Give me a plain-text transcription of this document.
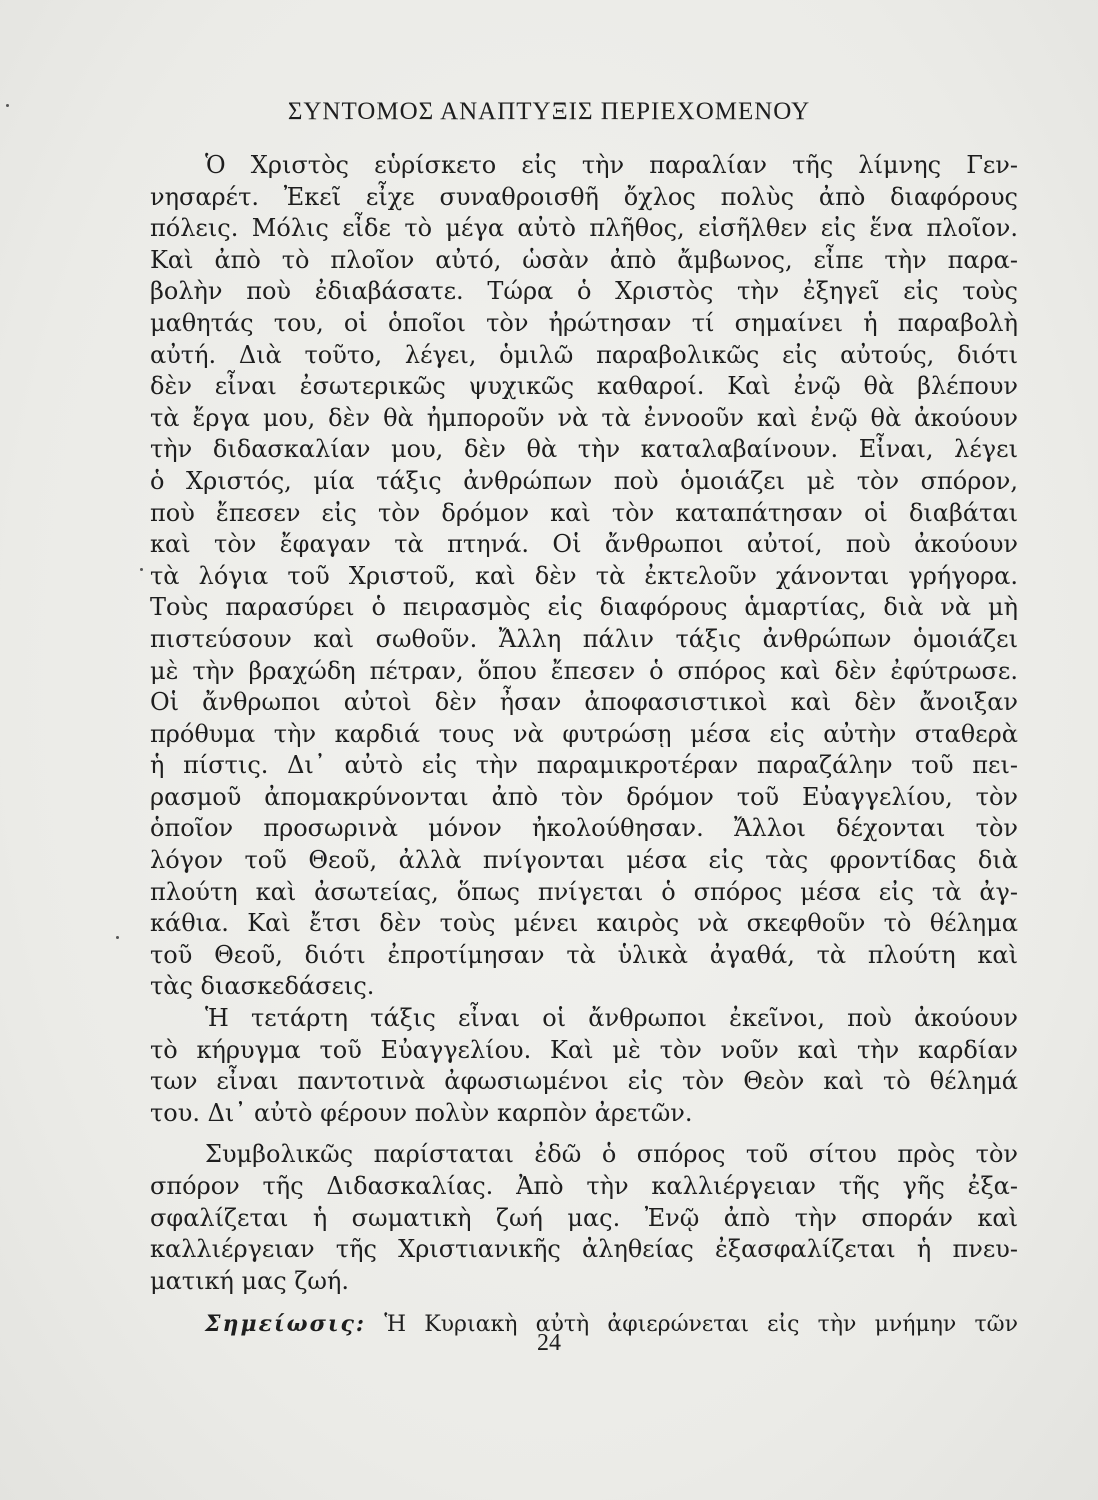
ΣΥΝΤΟΜΟΣ ΑΝΑΠΤΥΞΙΣ ΠΕΡΙΕΧΟΜΕΝΟΥ
Ὁ Χριστὸς εὑρίσκετο εἰς τὴν παραλίαν τῆς λίμνης Γεν-
νησαρέτ. Ἐκεῖ εἶχε συναθροισθῆ ὄχλος πολὺς ἀπὸ διαφόρους
πόλεις. Μόλις εἶδε τὸ μέγα αὐτὸ πλῆθος, εἰσῆλθεν εἰς ἕνα πλοῖον.
Καὶ ἀπὸ τὸ πλοῖον αὐτό, ὡσὰν ἀπὸ ἄμβωνος, εἶπε τὴν παρα-
βολὴν ποὺ ἐδιαβάσατε. Τώρα ὁ Χριστὸς τὴν ἐξηγεῖ εἰς τοὺς
μαθητάς του, οἱ ὁποῖοι τὸν ἠρώτησαν τί σημαίνει ἡ παραβολὴ
αὐτή. Διὰ τοῦτο, λέγει, ὁμιλῶ παραβολικῶς εἰς αὐτούς, διότι
δὲν εἶναι ἐσωτερικῶς ψυχικῶς καθαροί. Καὶ ἐνῷ θὰ βλέπουν
τὰ ἔργα μου, δὲν θὰ ἠμποροῦν νὰ τὰ ἐννοοῦν καὶ ἐνῷ θὰ ἀκούουν
τὴν διδασκαλίαν μου, δὲν θὰ τὴν καταλαβαίνουν. Εἶναι, λέγει
ὁ Χριστός, μία τάξις ἀνθρώπων ποὺ ὁμοιάζει μὲ τὸν σπόρον,
ποὺ ἔπεσεν εἰς τὸν δρόμον καὶ τὸν καταπάτησαν οἱ διαβάται
καὶ τὸν ἔφαγαν τὰ πτηνά. Οἱ ἄνθρωποι αὐτοί, ποὺ ἀκούουν
τὰ λόγια τοῦ Χριστοῦ, καὶ δὲν τὰ ἐκτελοῦν χάνονται γρήγορα.
Τοὺς παρασύρει ὁ πειρασμὸς εἰς διαφόρους ἁμαρτίας, διὰ νὰ μὴ
πιστεύσουν καὶ σωθοῦν. Ἄλλη πάλιν τάξις ἀνθρώπων ὁμοιάζει
μὲ τὴν βραχώδη πέτραν, ὅπου ἔπεσεν ὁ σπόρος καὶ δὲν ἐφύτρωσε.
Οἱ ἄνθρωποι αὐτοὶ δὲν ἦσαν ἀποφασιστικοὶ καὶ δὲν ἄνοιξαν
πρόθυμα τὴν καρδιά τους νὰ φυτρώσῃ μέσα εἰς αὐτὴν σταθερὰ
ἡ πίστις. Δι᾽ αὐτὸ εἰς τὴν παραμικροτέραν παραζάλην τοῦ πει-
ρασμοῦ ἀπομακρύνονται ἀπὸ τὸν δρόμον τοῦ Εὐαγγελίου, τὸν
ὁποῖον προσωρινὰ μόνον ἠκολούθησαν. Ἄλλοι δέχονται τὸν
λόγον τοῦ Θεοῦ, ἀλλὰ πνίγονται μέσα εἰς τὰς φροντίδας διὰ
πλούτη καὶ ἀσωτείας, ὅπως πνίγεται ὁ σπόρος μέσα εἰς τὰ ἀγ-
κάθια. Καὶ ἔτσι δὲν τοὺς μένει καιρὸς νὰ σκεφθοῦν τὸ θέλημα
τοῦ Θεοῦ, διότι ἐπροτίμησαν τὰ ὑλικὰ ἀγαθά, τὰ πλούτη καὶ
τὰς διασκεδάσεις.
Ἡ τετάρτη τάξις εἶναι οἱ ἄνθρωποι ἐκεῖνοι, ποὺ ἀκούουν
τὸ κήρυγμα τοῦ Εὐαγγελίου. Καὶ μὲ τὸν νοῦν καὶ τὴν καρδίαν
των εἶναι παντοτινὰ ἀφωσιωμένοι εἰς τὸν Θεὸν καὶ τὸ θέλημά
του. Δι᾽ αὐτὸ φέρουν πολὺν καρπὸν ἀρετῶν.
Συμβολικῶς παρίσταται ἐδῶ ὁ σπόρος τοῦ σίτου πρὸς τὸν
σπόρον τῆς Διδασκαλίας. Ἀπὸ τὴν καλλιέργειαν τῆς γῆς ἐξα-
σφαλίζεται ἡ σωματικὴ ζωή μας. Ἐνῷ ἀπὸ τὴν σποράν καὶ
καλλιέργειαν τῆς Χριστιανικῆς ἀληθείας ἐξασφαλίζεται ἡ πνευ-
ματική μας ζωή.
Σημείωσις: Ἡ Κυριακὴ αὐτὴ ἀφιερώνεται εἰς τὴν μνήμην τῶν
24
